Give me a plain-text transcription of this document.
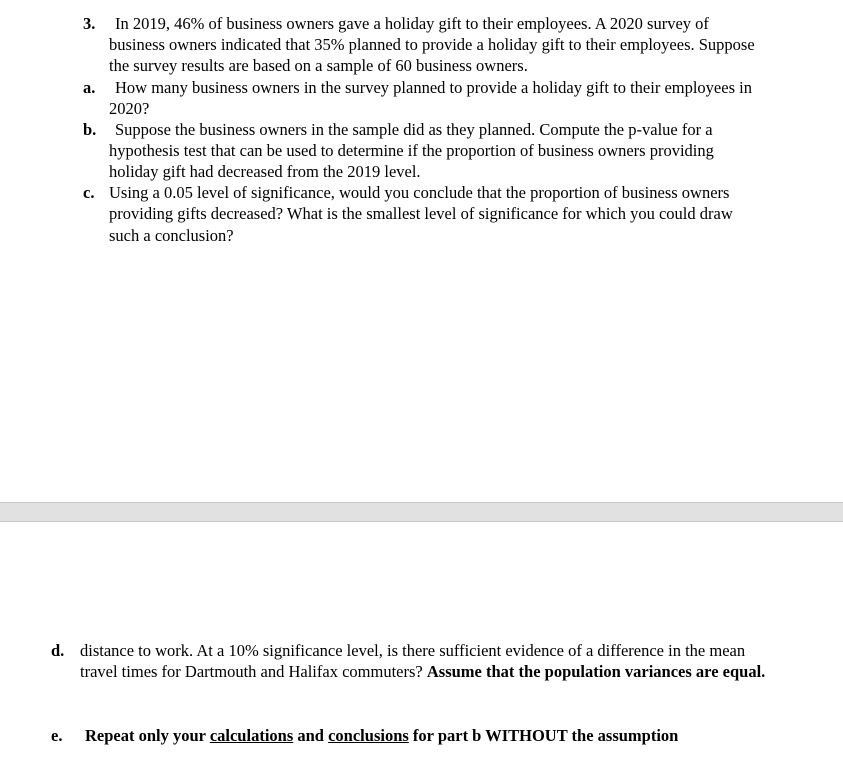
3. In 2019, 46% of business owners gave a holiday gift to their employees. A 2020 survey of
business owners indicated that 35% planned to provide a holiday gift to their employees. Suppose
the survey results are based on a sample of 60 business owners.
a. How many business owners in the survey planned to provide a holiday gift to their employees in
2020?
b. Suppose the business owners in the sample did as they planned. Compute the p-value for a
hypothesis test that can be used to determine if the proportion of business owners providing
holiday gift had decreased from the 2019 level.
c. Using a 0.05 level of significance, would you conclude that the proportion of business owners
providing gifts decreased? What is the smallest level of significance for which you could draw
such a conclusion?
d. distance to work. At a 10% significance level, is there sufficient evidence of a difference in the mean
travel times for Dartmouth and Halifax commuters? Assume that the population variances are equal.
e. Repeat only your calculations and conclusions for part b WITHOUT the assumption
